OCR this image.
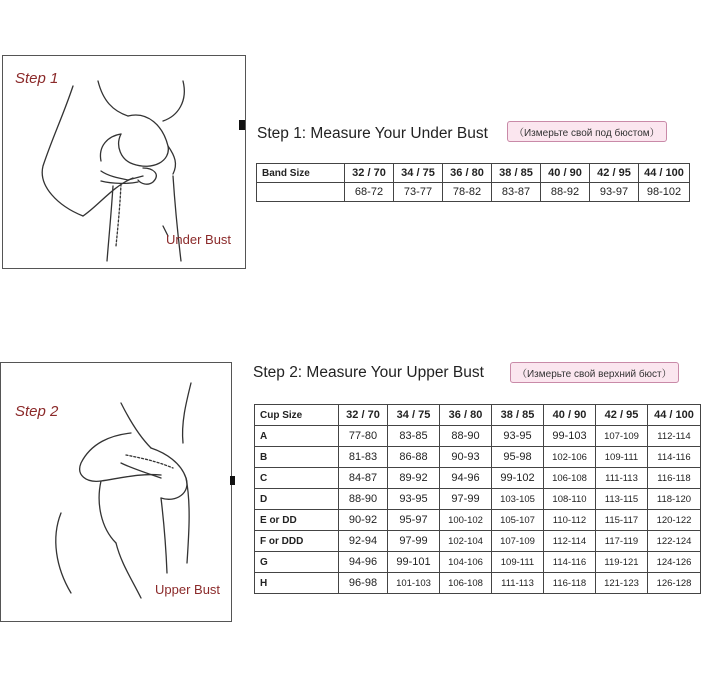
Step 1
Under Bust
Step 1: Measure Your Under Bust	（Измерьте свой под бюстом）
Band Size	32 / 70	34 / 75	36 / 80	38 / 85	40 / 90	42 / 95	44 / 100
	68-72	73-77	78-82	83-87	88-92	93-97	98-102
Step 2
Upper Bust
Step 2: Measure Your Upper Bust	（Измерьте свой верхний бюст）
Cup Size	32 / 70	34 / 75	36 / 80	38 / 85	40 / 90	42 / 95	44 / 100
A	77-80	83-85	88-90	93-95	99-103	107-109	112-114
B	81-83	86-88	90-93	95-98	102-106	109-111	114-116
C	84-87	89-92	94-96	99-102	106-108	111-113	116-118
D	88-90	93-95	97-99	103-105	108-110	113-115	118-120
E or DD	90-92	95-97	100-102	105-107	110-112	115-117	120-122
F or DDD	92-94	97-99	102-104	107-109	112-114	117-119	122-124
G	94-96	99-101	104-106	109-111	114-116	119-121	124-126
H	96-98	101-103	106-108	111-113	116-118	121-123	126-128
